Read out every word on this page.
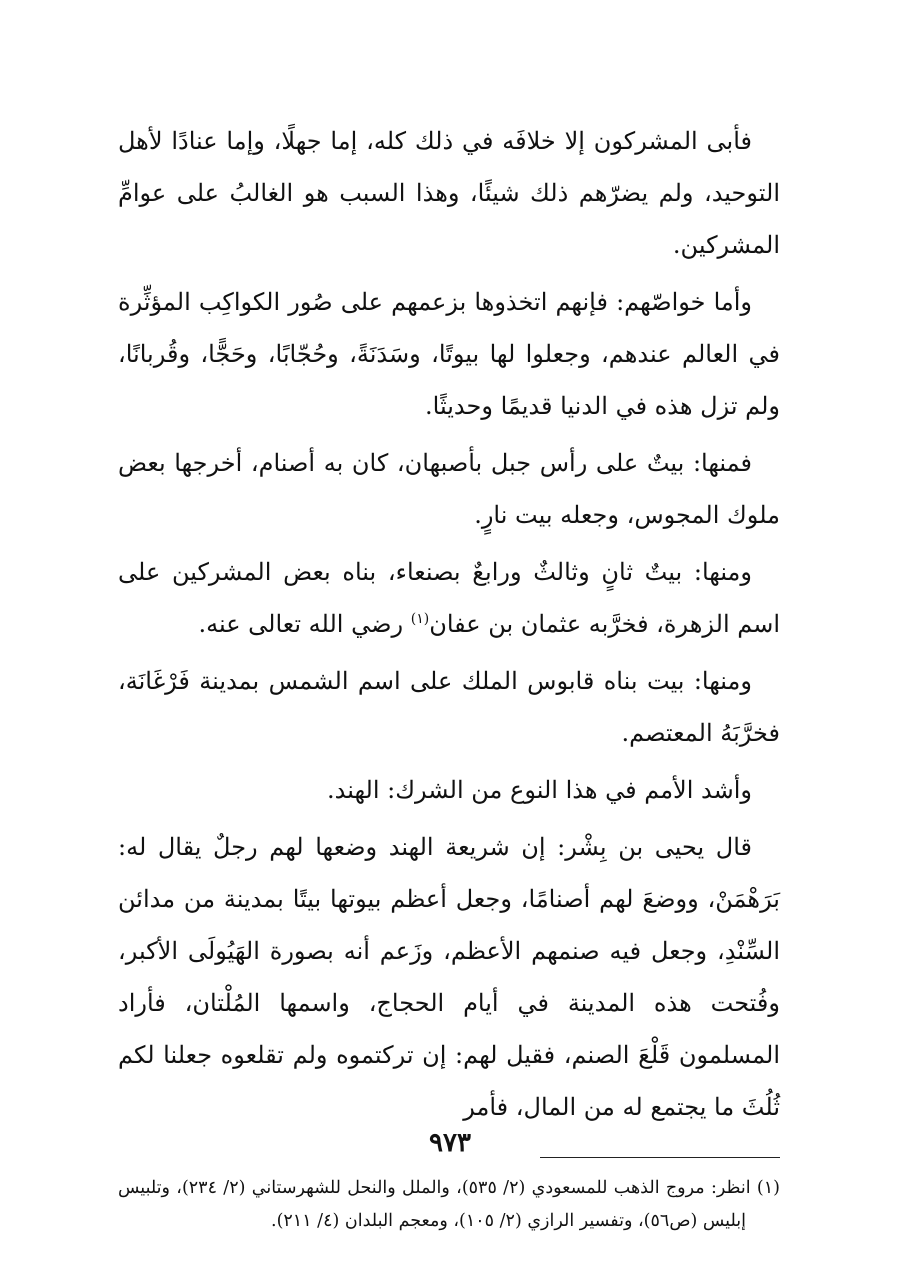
فأبى المشركون إلا خلافَه في ذلك كله، إما جهلًا، وإما عنادًا لأهل التوحيد، ولم يضرّهم ذلك شيئًا، وهذا السبب هو الغالبُ على عوامِّ المشركين.

وأما خواصّهم: فإنهم اتخذوها بزعمهم على صُور الكواكِب المؤثِّرة في العالم عندهم، وجعلوا لها بيوتًا، وسَدَنَةً، وحُجّابًا، وحَجًّا، وقُربانًا، ولم تزل هذه في الدنيا قديمًا وحديثًا.

فمنها: بيتٌ على رأس جبل بأصبهان، كان به أصنام، أخرجها بعض ملوك المجوس، وجعله بيت نارٍ.

ومنها: بيتٌ ثانٍ وثالثٌ ورابعٌ بصنعاء، بناه بعض المشركين على اسم الزهرة، فخرَّبه عثمان بن عفان$^{(١)}$ رضي الله تعالى عنه.

ومنها: بيت بناه قابوس الملك على اسم الشمس بمدينة فَرْغَانَة، فخرَّبَهُ المعتصم.

وأشد الأمم في هذا النوع من الشرك: الهند.

قال يحيى بن بِشْر: إن شريعة الهند وضعها لهم رجلٌ يقال له: بَرَهْمَنْ، ووضعَ لهم أصنامًا، وجعل أعظم بيوتها بيتًا بمدينة من مدائن السِّنْدِ، وجعل فيه صنمهم الأعظم، وزَعم أنه بصورة الهَيُولَى الأكبر، وفُتحت هذه المدينة في أيام الحجاج، واسمها المُلْتان، فأراد المسلمون قَلْعَ الصنم، فقيل لهم: إن تركتموه ولم تقلعوه جعلنا لكم ثُلُثَ ما يجتمع له من المال، فأمر

(١) انظر: مروج الذهب للمسعودي (٢/ ٥٣٥)، والملل والنحل للشهرستاني (٢/ ٢٣٤)، وتلبيس إبليس (ص٥٦)، وتفسير الرازي (٢/ ١٠٥)، ومعجم البلدان (٤/ ٢١١).
٩٧٣
